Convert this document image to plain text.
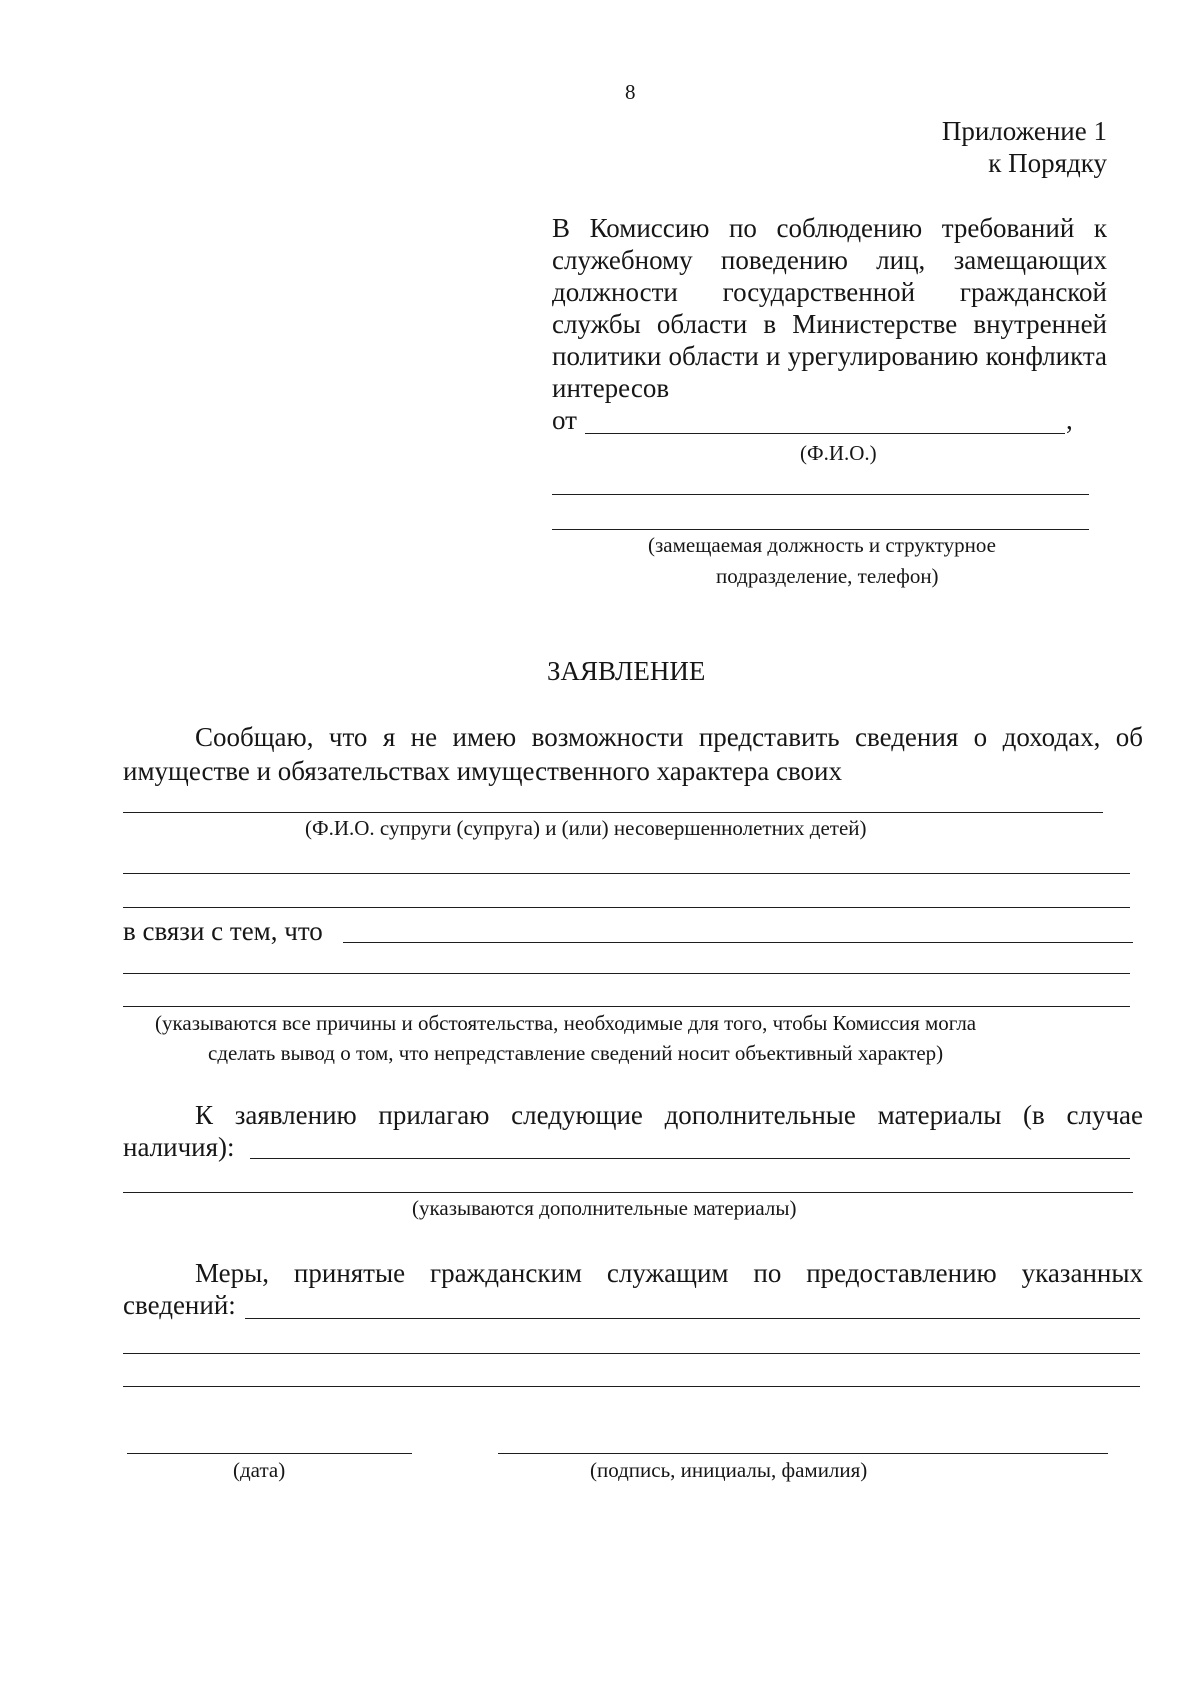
8
Приложение 1
к Порядку
В Комиссию по соблюдению требований к
служебному поведению лиц, замещающих
должности государственной гражданской
службы области в Министерстве внутренней
политики области и урегулированию конфликта
интересов
от	,
(Ф.И.О.)
(замещаемая должность и структурное
подразделение, телефон)
ЗАЯВЛЕНИЕ
Сообщаю, что я не имею возможности представить сведения о доходах, об
имуществе и обязательствах имущественного характера своих
(Ф.И.О. супруги (супруга) и (или) несовершеннолетних детей)
в связи с тем, что
(указываются все причины и обстоятельства, необходимые для того, чтобы Комиссия могла
сделать вывод о том, что непредставление сведений носит объективный характер)
К заявлению прилагаю следующие дополнительные материалы (в случае
наличия):
(указываются дополнительные материалы)
Меры, принятые гражданским служащим по предоставлению указанных
сведений:
(дата)	(подпись, инициалы, фамилия)
